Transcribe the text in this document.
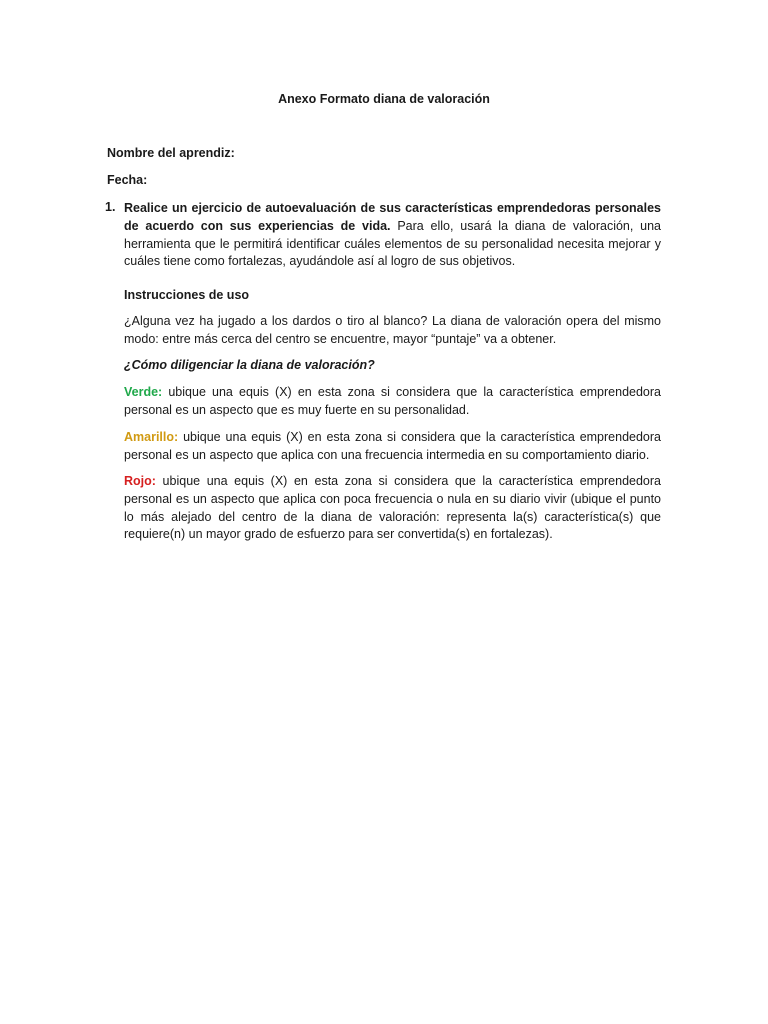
Anexo Formato diana de valoración
Nombre del aprendiz:
Fecha:
1. Realice un ejercicio de autoevaluación de sus características emprendedoras personales de acuerdo con sus experiencias de vida. Para ello, usará la diana de valoración, una herramienta que le permitirá identificar cuáles elementos de su personalidad necesita mejorar y cuáles tiene como fortalezas, ayudándole así al logro de sus objetivos.
Instrucciones de uso
¿Alguna vez ha jugado a los dardos o tiro al blanco? La diana de valoración opera del mismo modo: entre más cerca del centro se encuentre, mayor “puntaje” va a obtener.
¿Cómo diligenciar la diana de valoración?
Verde: ubique una equis (X) en esta zona si considera que la característica emprendedora personal es un aspecto que es muy fuerte en su personalidad.
Amarillo: ubique una equis (X) en esta zona si considera que la característica emprendedora personal es un aspecto que aplica con una frecuencia intermedia en su comportamiento diario.
Rojo: ubique una equis (X) en esta zona si considera que la característica emprendedora personal es un aspecto que aplica con poca frecuencia o nula en su diario vivir (ubique el punto lo más alejado del centro de la diana de valoración: representa la(s) característica(s) que requiere(n) un mayor grado de esfuerzo para ser convertida(s) en fortalezas).
